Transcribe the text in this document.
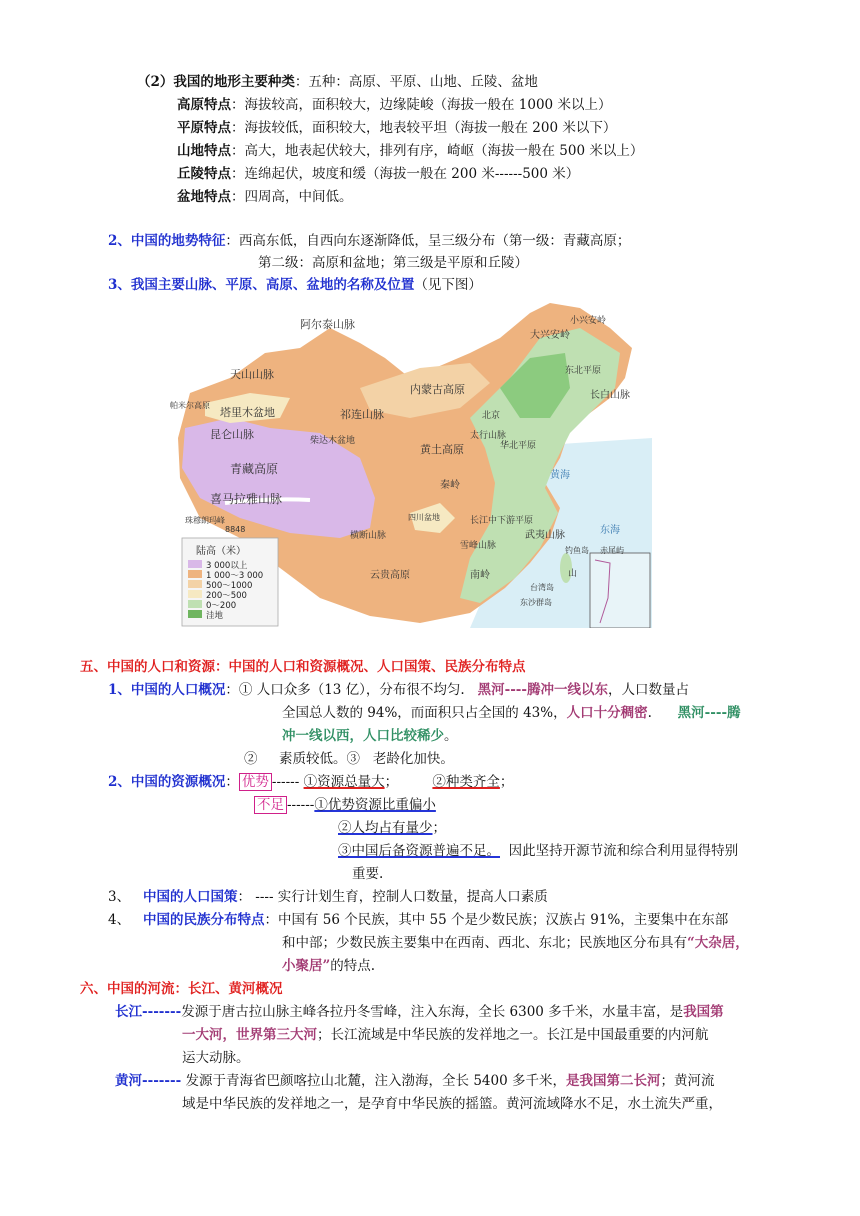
（2）我国的地形主要种类：五种：高原、平原、山地、丘陵、盆地
高原特点：海拔较高，面积较大，边缘陡峻（海拔一般在 1000 米以上）
平原特点：海拔较低，面积较大，地表较平坦（海拔一般在 200 米以下）
山地特点：高大，地表起伏较大，排列有序，崎岖（海拔一般在 500 米以上）
丘陵特点：连绵起伏，坡度和缓（海拔一般在 200 米------500 米）
盆地特点：四周高，中间低。
2、中国的地势特征：西高东低，自西向东逐渐降低，呈三级分布（第一级：青藏高原；
第二级：高原和盆地；第三级是平原和丘陵）
3、我国主要山脉、平原、高原、盆地的名称及位置（见下图）
阿尔泰山脉
天山山脉
帕米尔高原
塔里木盆地
昆仑山脉	柴达木盆地
青藏高原
喜马拉雅山脉
珠穆朗玛峰
8848
祁连山脉
内蒙古高原
黄土高原
太行山脉
华北平原
北京
大兴安岭
小兴安岭
东北平原
长白山脉
秦岭
四川盆地
横断山脉
云贵高原
长江中下游平原
武夷山脉
雪峰山脉
南岭
黄海
东海
钓鱼岛 赤尾屿
台湾岛
东沙群岛
山
陆高（米）
3 000以上
1 000～3 000
500～1000
200～500
0～200
洼地
五、中国的人口和资源：中国的人口和资源概况、人口国策、民族分布特点
1、中国的人口概况：① 人口众多（13 亿），分布很不均匀. 黑河----腾冲一线以东，人口数量占
全国总人数的 94%，而面积只占全国的 43%，人口十分稠密. 黑河----腾
冲一线以西，人口比较稀少。
② 素质较低。③ 老龄化加快。
2、中国的资源概况： 优势 ------ ①资源总量大；	②种类齐全；
不足 ------①优势资源比重偏小
②人均占有量少；
③中国后备资源普遍不足。 因此坚持开源节流和综合利用显得特别
重要.
3、 中国的人口国策： ---- 实行计划生育，控制人口数量，提高人口素质
4、 中国的民族分布特点：中国有 56 个民族，其中 55 个是少数民族；汉族占 91%，主要集中在东部
和中部；少数民族主要集中在西南、西北、东北；民族地区分布具有“大杂居，
小聚居”的特点.
六、中国的河流：长江、黄河概况
长江-------发源于唐古拉山脉主峰各拉丹冬雪峰，注入东海，全长 6300 多千米，水量丰富，是我国第
一大河，世界第三大河；长江流域是中华民族的发祥地之一。长江是中国最重要的内河航
运大动脉。
黄河------- 发源于青海省巴颜喀拉山北麓，注入渤海，全长 5400 多千米，是我国第二长河；黄河流
域是中华民族的发祥地之一，是孕育中华民族的摇篮。黄河流域降水不足，水土流失严重，
